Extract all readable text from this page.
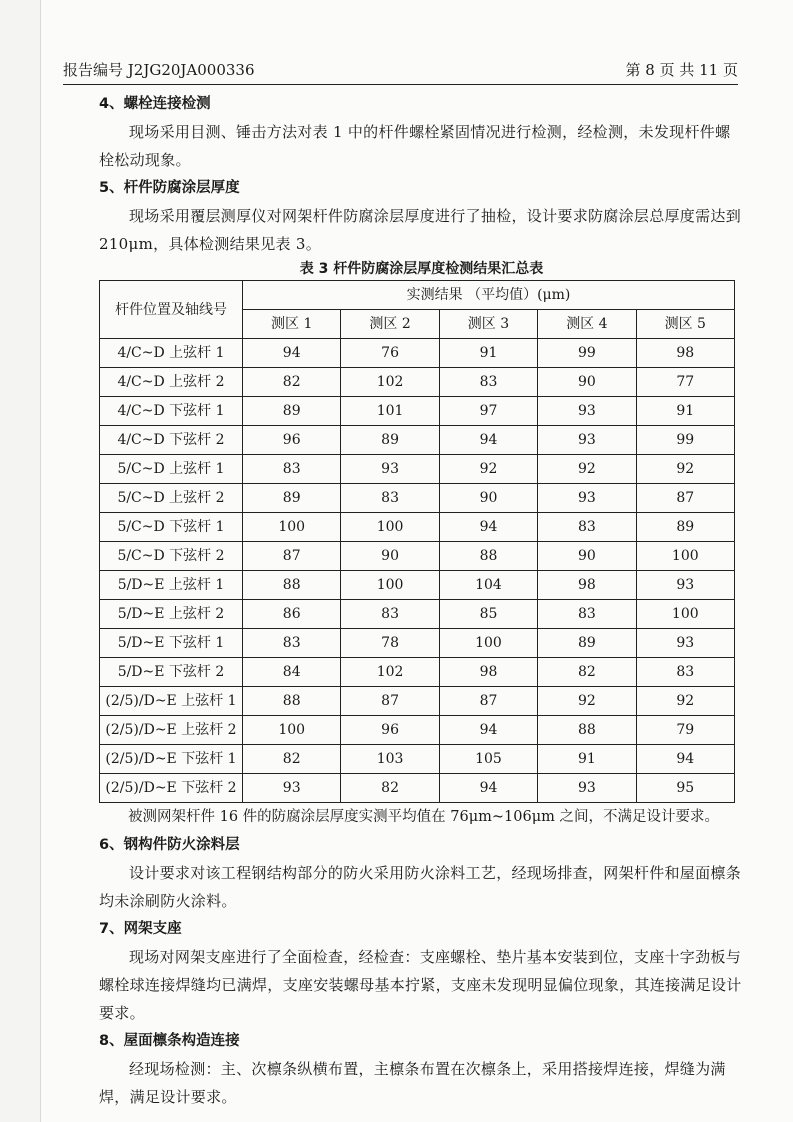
报告编号 J2JG20JA000336	第 8 页 共 11 页

4、螺栓连接检测

现场采用目测、锤击方法对表 1 中的杆件螺栓紧固情况进行检测，经检测，未发现杆件螺栓松动现象。

5、杆件防腐涂层厚度

现场采用覆层测厚仪对网架杆件防腐涂层厚度进行了抽检，设计要求防腐涂层总厚度需达到 210μm，具体检测结果见表 3。

表 3 杆件防腐涂层厚度检测结果汇总表

杆件位置及轴线号	实测结果 （平均值）(μm)				
	测区 1	测区 2	测区 3	测区 4	测区 5
4/C~D 上弦杆 1	94	76	91	99	98
4/C~D 上弦杆 2	82	102	83	90	77
4/C~D 下弦杆 1	89	101	97	93	91
4/C~D 下弦杆 2	96	89	94	93	99
5/C~D 上弦杆 1	83	93	92	92	92
5/C~D 上弦杆 2	89	83	90	93	87
5/C~D 下弦杆 1	100	100	94	83	89
5/C~D 下弦杆 2	87	90	88	90	100
5/D~E 上弦杆 1	88	100	104	98	93
5/D~E 上弦杆 2	86	83	85	83	100
5/D~E 下弦杆 1	83	78	100	89	93
5/D~E 下弦杆 2	84	102	98	82	83
(2/5)/D~E 上弦杆 1	88	87	87	92	92
(2/5)/D~E 上弦杆 2	100	96	94	88	79
(2/5)/D~E 下弦杆 1	82	103	105	91	94
(2/5)/D~E 下弦杆 2	93	82	94	93	95

被测网架杆件 16 件的防腐涂层厚度实测平均值在 76μm~106μm 之间，不满足设计要求。

6、钢构件防火涂料层

设计要求对该工程钢结构部分的防火采用防火涂料工艺，经现场排查，网架杆件和屋面檩条均未涂刷防火涂料。

7、网架支座

现场对网架支座进行了全面检查，经检查：支座螺栓、垫片基本安装到位，支座十字劲板与螺栓球连接焊缝均已满焊，支座安装螺母基本拧紧，支座未发现明显偏位现象，其连接满足设计要求。

8、屋面檩条构造连接

经现场检测：主、次檩条纵横布置，主檩条布置在次檩条上，采用搭接焊连接，焊缝为满焊，满足设计要求。
